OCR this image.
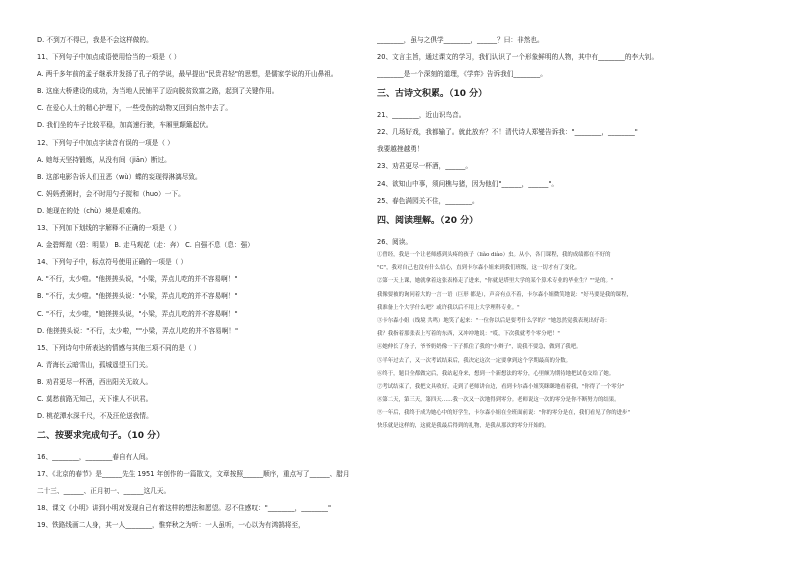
D. 不到万不得已，我是不会这样做的。
11、下列句子中加点成语使用恰当的一项是（ ）
A. 两千多年前的孟子继承并发扬了孔子的学说，最早提出"民贵君轻"的思想，是儒家学说的开山鼻祖。
B. 这座大桥建设的成功，为当地人民铺平了迈向脱贫致富之路，起到了关键作用。
C. 在爱心人士的精心护理下，一些受伤的动物又回到自然中去了。
D. 我们坐的车子比较平稳，加高速行驶，车厢里颠簸起伏。
12、下列句子中加点字读音有误的一项是（ ）
A. 她每天坚持锻炼，从没有间（jiān）断过。
B. 这部电影告诉人们丑恶（wù）蝶的妄现得淋漓尽致。
C. 妈妈煮粥时，会不时用勺子搅和（huo）一下。
D. 她现在的处（chù）境是艰难的。
13、下列加下划线的字解释不正确的一项是（ ）
A. 金碧辉煌（碧：明显） B. 走马观花（走：奔） C. 自强不息（息：强）
14、下列句子中，标点符号使用正确的一项是（ ）
A. "不行，太少啦。"他搓搓头说，"小梁，弄点儿吃的并不容易啊！"
B. "不行，太少啦。"他搓搓头说："小梁，弄点儿吃的并不容易啊！"
C. "不行，太少啦，"她搓搓头说，"小梁，弄点儿吃的并不容易啊！"
D. 他搓搓头说："不行，太少啦，""小梁，弄点儿吃的并不容易啊！"
15、下列诗句中所表达的情感与其他三项不同的是（ ）
A. 青海长云暗雪山，孤城遥望玉门关。
B. 劝君更尽一杯酒，西出阳关无故人。
C. 莫愁前路无知己，天下谁人不识君。
D. 桃花潭水深千尺，不及汪伦送我情。
二、按要求完成句子。（10 分）
16、________，________春自有人间。
17、《北京的春节》是______先生 1951 年创作的一篇散文，文章按照______顺序，重点写了______、腊月
二十三、______、正月初一、______这几天。
18、课文《小明》讲到小明对发现自己有着这样的想法和愿望。忍不住感叹："________，________"
19、铁路线画二人身，其一人________，惟弈秋之为听：一人虽听，一心以为有鸿鹄将至，
________，虽与之俱学________，______？曰：非然也。
20、文言主旨，通过课文的学习，我们认识了一个形象鲜明的人物，其中有________的李大钊。
________是一个深刻的道理，《学弈》告诉我们________。
三、古诗文积累。（10 分）
21、________，近山识鸟音。
22、几场好戏，我都输了。就此放弃？不！清代诗人郑燮告诉我："________，________"
我要越挫越勇！
23、劝君更尽一杯酒，______。
24、欲知山中事，须问樵与猪，因为他们"______，______"。
25、春色满园关不住，________。
四、阅读理解。（20 分）
26、阅读。
①曾经，我是一个让老师感到头疼的孩子（liǎo diào）虫。从小，各门课程，我的成绩都在不好的
"C"，我对自己也没有什么信心，直到卡尔森小姐来到我们班级，这一切才有了变化。
②第一天上课，她就拿着这张表格走了进来，"你就是塔里大学的某个算术专业的毕业生？""是的。"
我像要被的询问着大的一言一语（巨形 都是），声音有点不着，卡尔森小姐微笑地说："好马要是我的课程，
我准备上个大学什么吧？或许我以后不用上大学理科专业。"
③卡尔森小姐（线境 共鸣）地笑了起来："一位你以后是要考什么学的？"她忽然觉我表现出好奇：
我？我指着那张表上写着的东西，又冲冲地说："哎，下次我就考个零分吧！"
④她伸长了身子，爷爷奶奶像一下子抓住了我的"小辫子"，说我不要急，做到了我吧。
⑤半年过去了，又一次考试结束后，我决定这次一定要拿到这个学期最高的分数。
⑥终于，题目全都做完后，我站起身来，想到一个新想法的零分，心里颇为期待地把试卷交给了她。
⑦考试结束了，我把文具收好，走到了老师讲台边，看到卡尔森小姐笑眯眯地看着我，"你得了一个零分"
⑧第二天，第三天，第四天……我一次又一次地得到零分。老师说这一次的零分是你不断努力的结果。
⑨一年后，我终于成为她心中的好学生，卡尔森小姐在全班面前说："你的零分是在，我们看见了你的进步"
快乐就是这样的，这就是我最后得到的礼物，是我从那次的零分开始的。
